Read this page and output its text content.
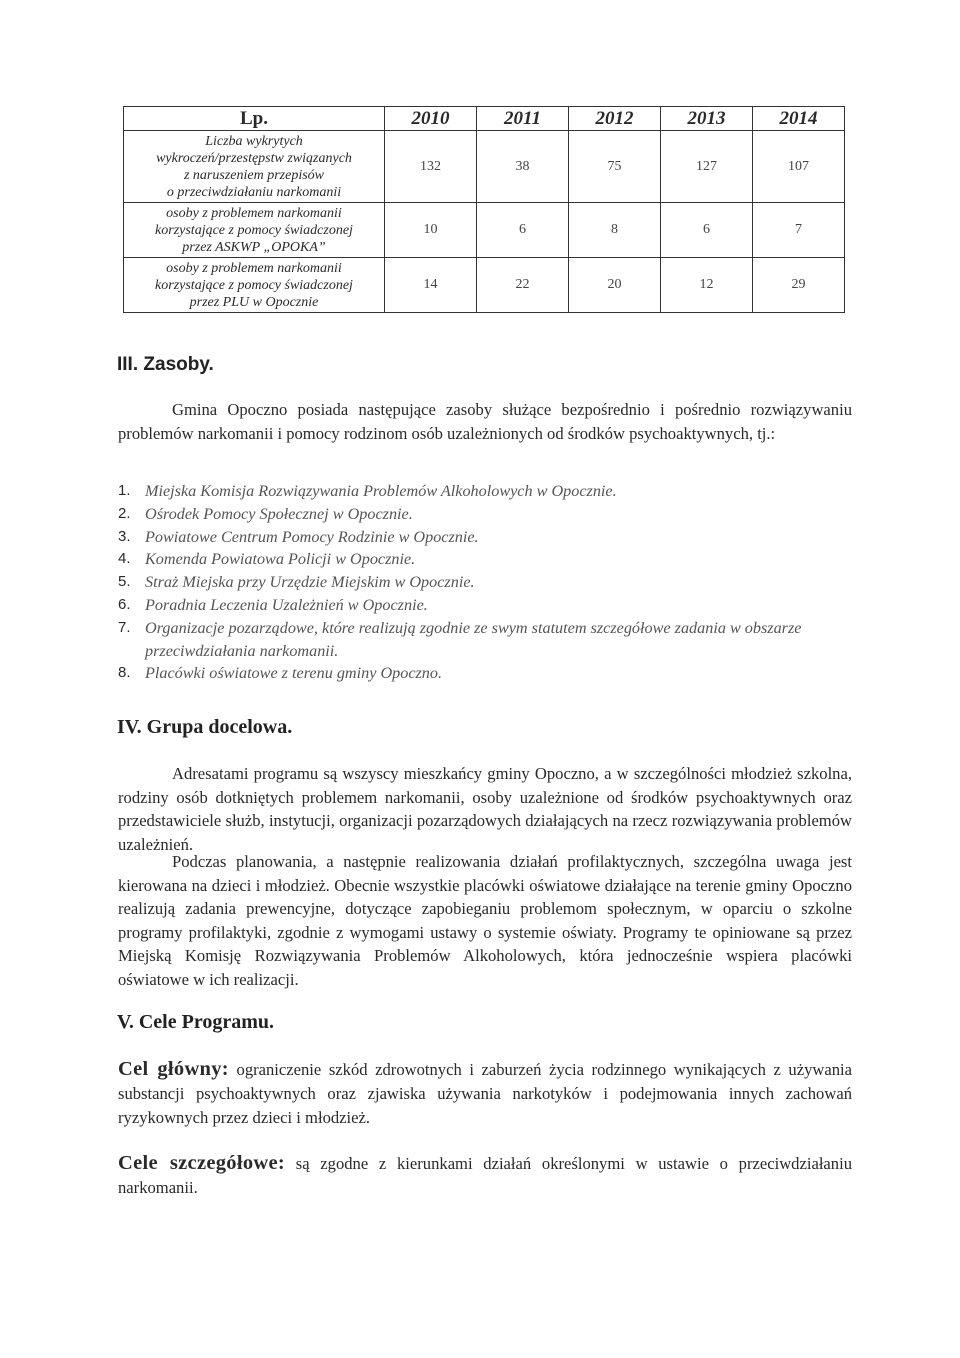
Lp.	2010	2011	2012	2013	2014

Liczba wykrytych
wykroczeń/przestępstw związanych
z naruszeniem przepisów
o przeciwdziałaniu narkomanii	132	38	75	127	107

osoby z problemem narkomanii
korzystające z pomocy świadczonej
przez ASKWP „OPOKA”	10	6	8	6	7

osoby z problemem narkomanii
korzystające z pomocy świadczonej
przez PLU w Opocznie	14	22	20	12	29
III. Zasoby.
Gmina Opoczno posiada następujące zasoby służące bezpośrednio i pośrednio rozwiązywaniu problemów narkomanii i pomocy rodzinom osób uzależnionych od środków psychoaktywnych, tj.:
1. Miejska Komisja Rozwiązywania Problemów Alkoholowych w Opocznie.
2. Ośrodek Pomocy Społecznej w Opocznie.
3. Powiatowe Centrum Pomocy Rodzinie w Opocznie.
4. Komenda Powiatowa Policji w Opocznie.
5. Straż Miejska przy Urzędzie Miejskim w Opocznie.
6. Poradnia Leczenia Uzależnień w Opocznie.
7. Organizacje pozarządowe, które realizują zgodnie ze swym statutem szczegółowe zadania w obszarze przeciwdziałania narkomanii.
8. Placówki oświatowe z terenu gminy Opoczno.
IV. Grupa docelowa.
Adresatami programu są wszyscy mieszkańcy gminy Opoczno, a w szczególności młodzież szkolna, rodziny osób dotkniętych problemem narkomanii, osoby uzależnione od środków psychoaktywnych oraz przedstawiciele służb, instytucji, organizacji pozarządowych działających na rzecz rozwiązywania problemów uzależnień.
Podczas planowania, a następnie realizowania działań profilaktycznych, szczególna uwaga jest kierowana na dzieci i młodzież. Obecnie wszystkie placówki oświatowe działające na terenie gminy Opoczno realizują zadania prewencyjne, dotyczące zapobieganiu problemom społecznym, w oparciu o szkolne programy profilaktyki, zgodnie z wymogami ustawy o systemie oświaty. Programy te opiniowane są przez Miejską Komisję Rozwiązywania Problemów Alkoholowych, która jednocześnie wspiera placówki oświatowe w ich realizacji.
V. Cele Programu.
Cel główny: ograniczenie szkód zdrowotnych i zaburzeń życia rodzinnego wynikających z używania substancji psychoaktywnych oraz zjawiska używania narkotyków i podejmowania innych zachowań ryzykownych przez dzieci i młodzież.
Cele szczegółowe: są zgodne z kierunkami działań określonymi w ustawie o przeciwdziałaniu narkomanii.
